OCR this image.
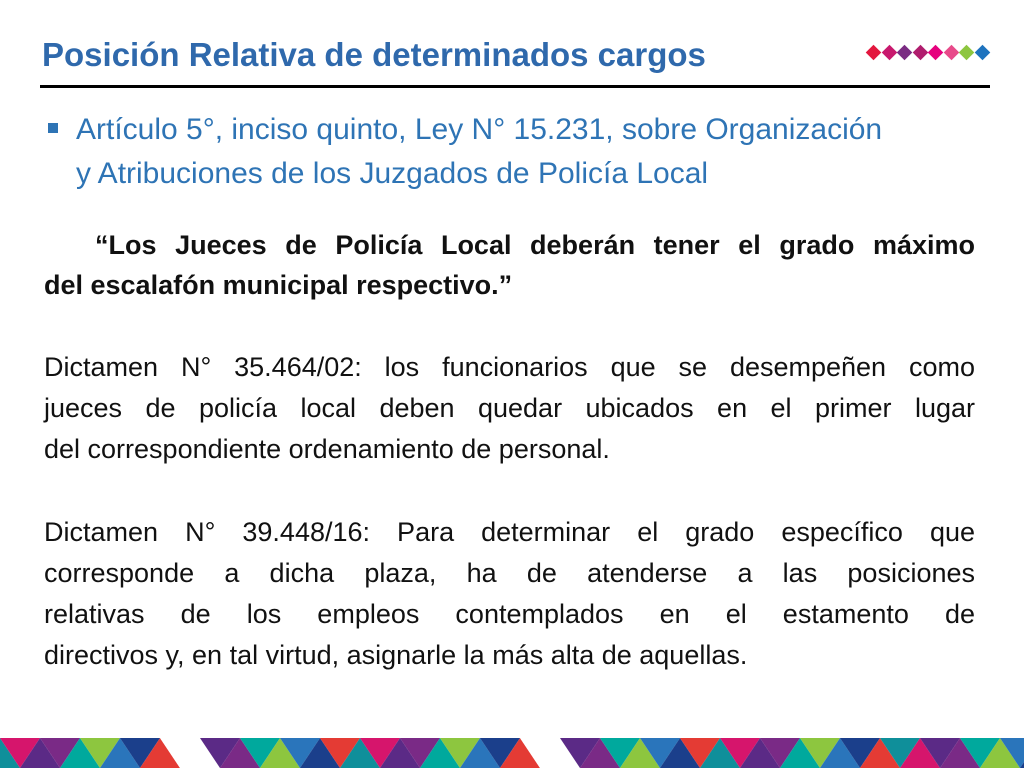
Posición Relativa de determinados cargos
Artículo 5°, inciso quinto, Ley N° 15.231, sobre Organización
y Atribuciones de los Juzgados de Policía Local
“Los Jueces de Policía Local deberán tener el grado máximo
del escalafón municipal respectivo.”
Dictamen N° 35.464/02: los funcionarios que se desempeñen como
jueces de policía local deben quedar ubicados en el primer lugar
del correspondiente ordenamiento de personal.
Dictamen N° 39.448/16: Para determinar el grado específico que
corresponde a dicha plaza, ha de atenderse a las posiciones
relativas de los empleos contemplados en el estamento de
directivos y, en tal virtud, asignarle la más alta de aquellas.
